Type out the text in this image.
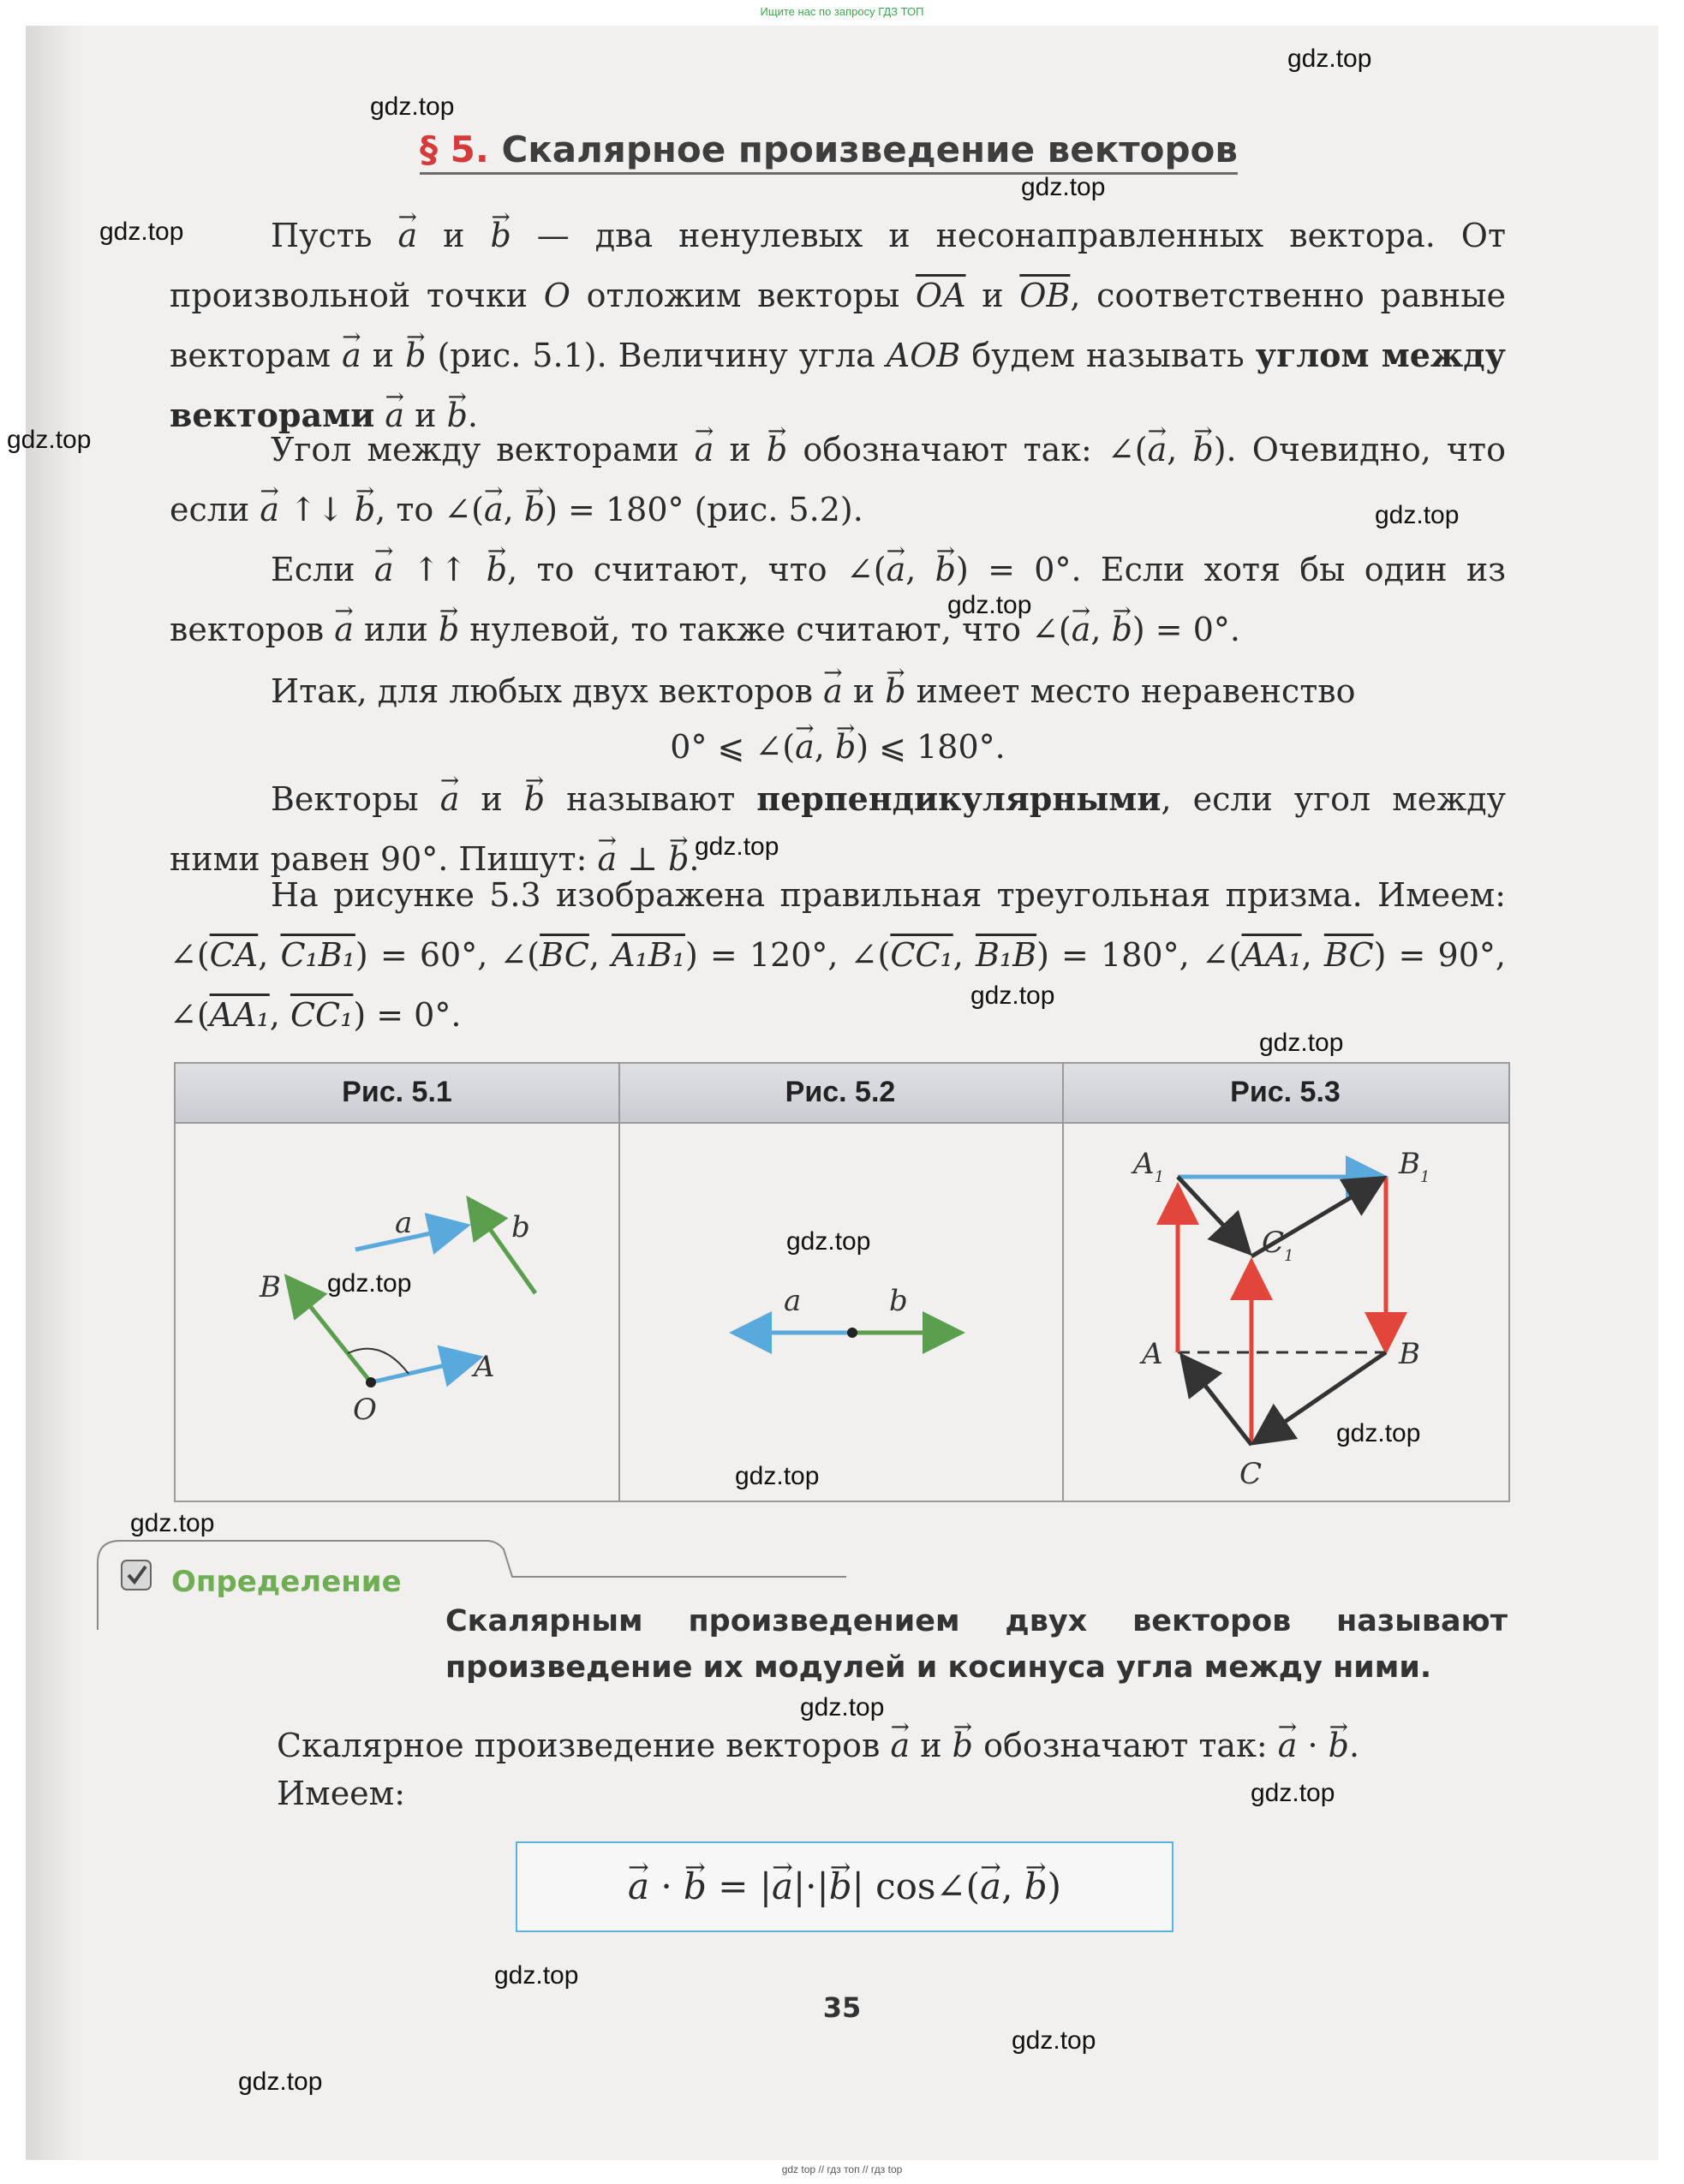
Ищите нас по запросу ГДЗ ТОП
gdz.top
gdz.top
gdz.top
gdz.top
gdz.top
gdz.top
gdz.top
gdz.top
gdz.top
gdz.top
gdz.top
gdz.top
gdz.top
gdz.top
gdz.top
gdz.top
gdz.top
gdz.top
gdz.top
gdz.top
§ 5. Скалярное произведение векторов
Пусть → a и → b — два ненулевых и несонаправленных вектора. От произвольной точки O отложим векторы $\overline{OA}$ и $\overline{OB}$, соответственно равные векторам → a и → b (рис. 5.1). Величину угла AOB будем называть углом между векторами → a и → b.
Угол между векторами → a и → b обозначают так: ∠(→ a, → b). Очевидно, что если → a ↑↓ → b, то ∠(→ a, → b) = 180° (рис. 5.2).
Если → a ↑↑ → b, то считают, что ∠(→ a, → b) = 0°. Если хотя бы один из векторов → a или → b нулевой, то также считают, что ∠(→ a, → b) = 0°.
Итак, для любых двух векторов → a и → b имеет место неравенство
0° ⩽ ∠(→ a, → b) ⩽ 180°.
Векторы → a и → b называют перпендикулярными, если угол между ними равен 90°. Пишут: → a ⊥ → b.
На рисунке 5.3 изображена правильная треугольная призма. Имеем: $\angle(\overline{CA}$, C₁B₁) = 60°, $\angle(\overline{BC}$, A₁B₁) = 120°, ∠(CC₁, B₁B) = 180°, ∠(AA₁, $\overline{BC}) = 90^\circ$, ∠(AA₁, CC₁) = 0°.
Рис. 5.1	Рис. 5.2	Рис. 5.3
a	b
B
A
O
a	b
$A_1$	$B_1$
$C_1$
A	B
C
Определение
Скалярным произведением двух векторов называют произведение их модулей и косинуса угла между ними.
Скалярное произведение векторов → a и → b обозначают так: → a · → b.
Имеем:
→ a · → b = |→ a|·|→ b| cos∠(→ a, → b)
35
gdz top // гдз топ // гдз top
